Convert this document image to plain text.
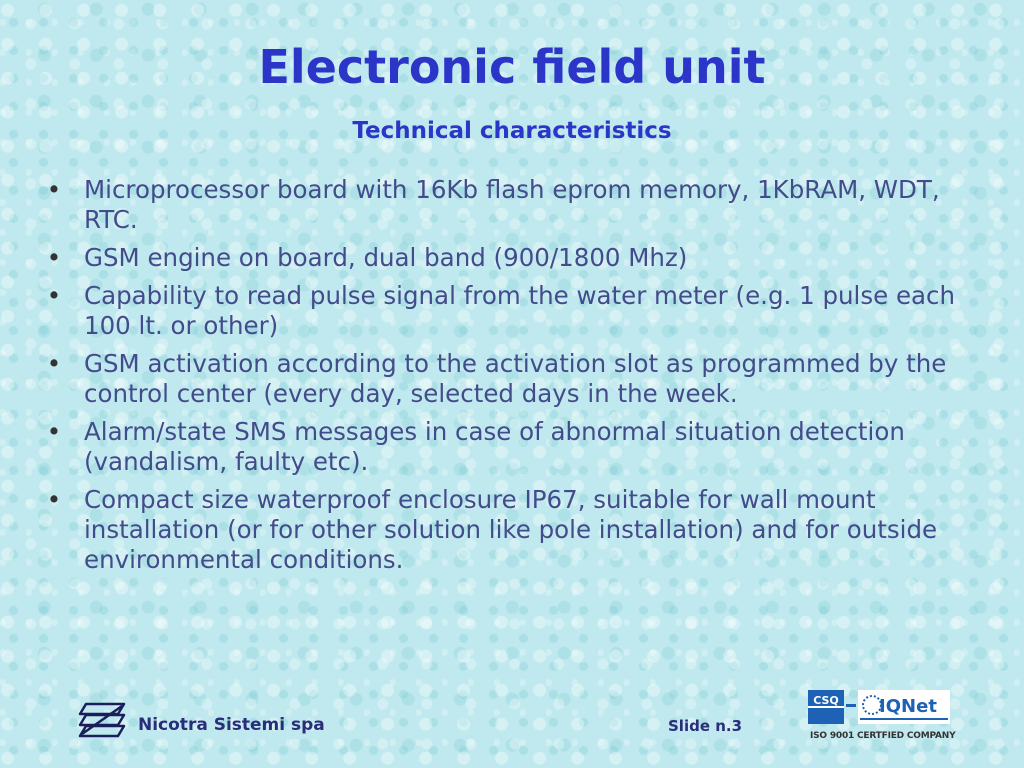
Electronic field unit
Technical characteristics
• Microprocessor board with 16Kb flash eprom memory, 1KbRAM, WDT, RTC.
• GSM engine on board, dual band (900/1800 Mhz)
• Capability to read pulse signal from the water meter (e.g. 1 pulse each 100 lt. or other)
• GSM activation according to the activation slot as programmed by the control center (every day, selected days in the week.
• Alarm/state SMS messages in case of abnormal situation detection (vandalism, faulty etc).
• Compact size waterproof enclosure IP67, suitable for wall mount installation (or for other solution like pole installation) and for outside environmental conditions.
Nicotra Sistemi spa	Slide n.3
CSQ IQNet
ISO 9001 CERTFIED COMPANY
